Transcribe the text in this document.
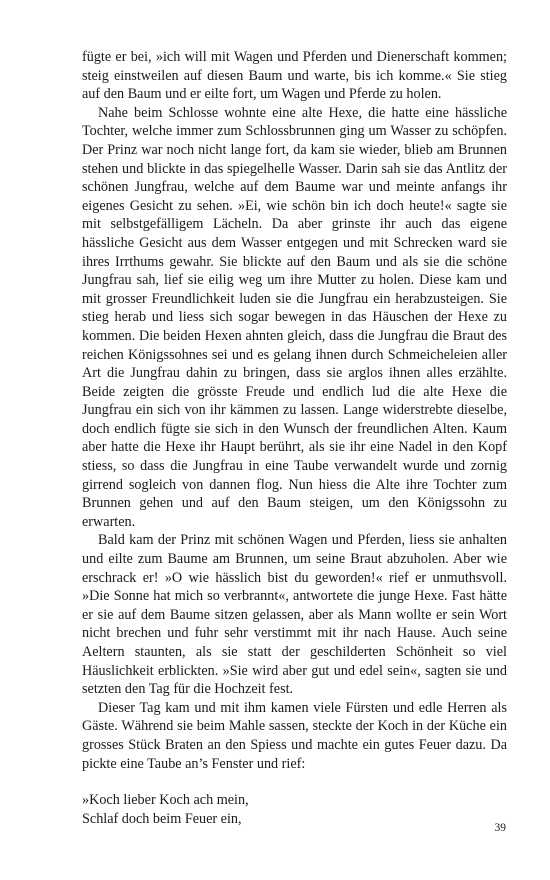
fügte er bei, »ich will mit Wagen und Pferden und Dienerschaft kommen; steig einstweilen auf diesen Baum und warte, bis ich komme.« Sie stieg auf den Baum und er eilte fort, um Wagen und Pferde zu holen.

Nahe beim Schlosse wohnte eine alte Hexe, die hatte eine hässliche Tochter, welche immer zum Schlossbrunnen ging um Wasser zu schöpfen. Der Prinz war noch nicht lange fort, da kam sie wieder, blieb am Brunnen stehen und blickte in das spiegelhelle Wasser. Darin sah sie das Antlitz der schönen Jungfrau, welche auf dem Baume war und meinte anfangs ihr eigenes Gesicht zu sehen. »Ei, wie schön bin ich doch heute!« sagte sie mit selbstgefälligem Lächeln. Da aber grinste ihr auch das eigene hässliche Gesicht aus dem Wasser entgegen und mit Schrecken ward sie ihres Irrthums gewahr. Sie blickte auf den Baum und als sie die schöne Jungfrau sah, lief sie eilig weg um ihre Mutter zu holen. Diese kam und mit grosser Freundlichkeit luden sie die Jungfrau ein herabzusteigen. Sie stieg herab und liess sich sogar bewegen in das Häuschen der Hexe zu kommen. Die beiden Hexen ahnten gleich, dass die Jungfrau die Braut des reichen Königssohnes sei und es gelang ihnen durch Schmeicheleien aller Art die Jungfrau dahin zu bringen, dass sie arglos ihnen alles erzählte. Beide zeigten die grösste Freude und endlich lud die alte Hexe die Jungfrau ein sich von ihr kämmen zu lassen. Lange widerstrebte dieselbe, doch endlich fügte sie sich in den Wunsch der freundlichen Alten. Kaum aber hatte die Hexe ihr Haupt berührt, als sie ihr eine Nadel in den Kopf stiess, so dass die Jungfrau in eine Taube verwandelt wurde und zornig girrend sogleich von dannen flog. Nun hiess die Alte ihre Tochter zum Brunnen gehen und auf den Baum steigen, um den Königssohn zu erwarten.

Bald kam der Prinz mit schönen Wagen und Pferden, liess sie anhalten und eilte zum Baume am Brunnen, um seine Braut abzuholen. Aber wie erschrack er! »O wie hässlich bist du geworden!« rief er unmuthsvoll. »Die Sonne hat mich so verbrannt«, antwortete die junge Hexe. Fast hätte er sie auf dem Baume sitzen gelassen, aber als Mann wollte er sein Wort nicht brechen und fuhr sehr verstimmt mit ihr nach Hause. Auch seine Aeltern staunten, als sie statt der geschilderten Schönheit so viel Häuslichkeit erblickten. »Sie wird aber gut und edel sein«, sagten sie und setzten den Tag für die Hochzeit fest.

Dieser Tag kam und mit ihm kamen viele Fürsten und edle Herren als Gäste. Während sie beim Mahle sassen, steckte der Koch in der Küche ein grosses Stück Braten an den Spiess und machte ein gutes Feuer dazu. Da pickte eine Taube an’s Fenster und rief:

»Koch lieber Koch ach mein,
Schlaf doch beim Feuer ein,
39
